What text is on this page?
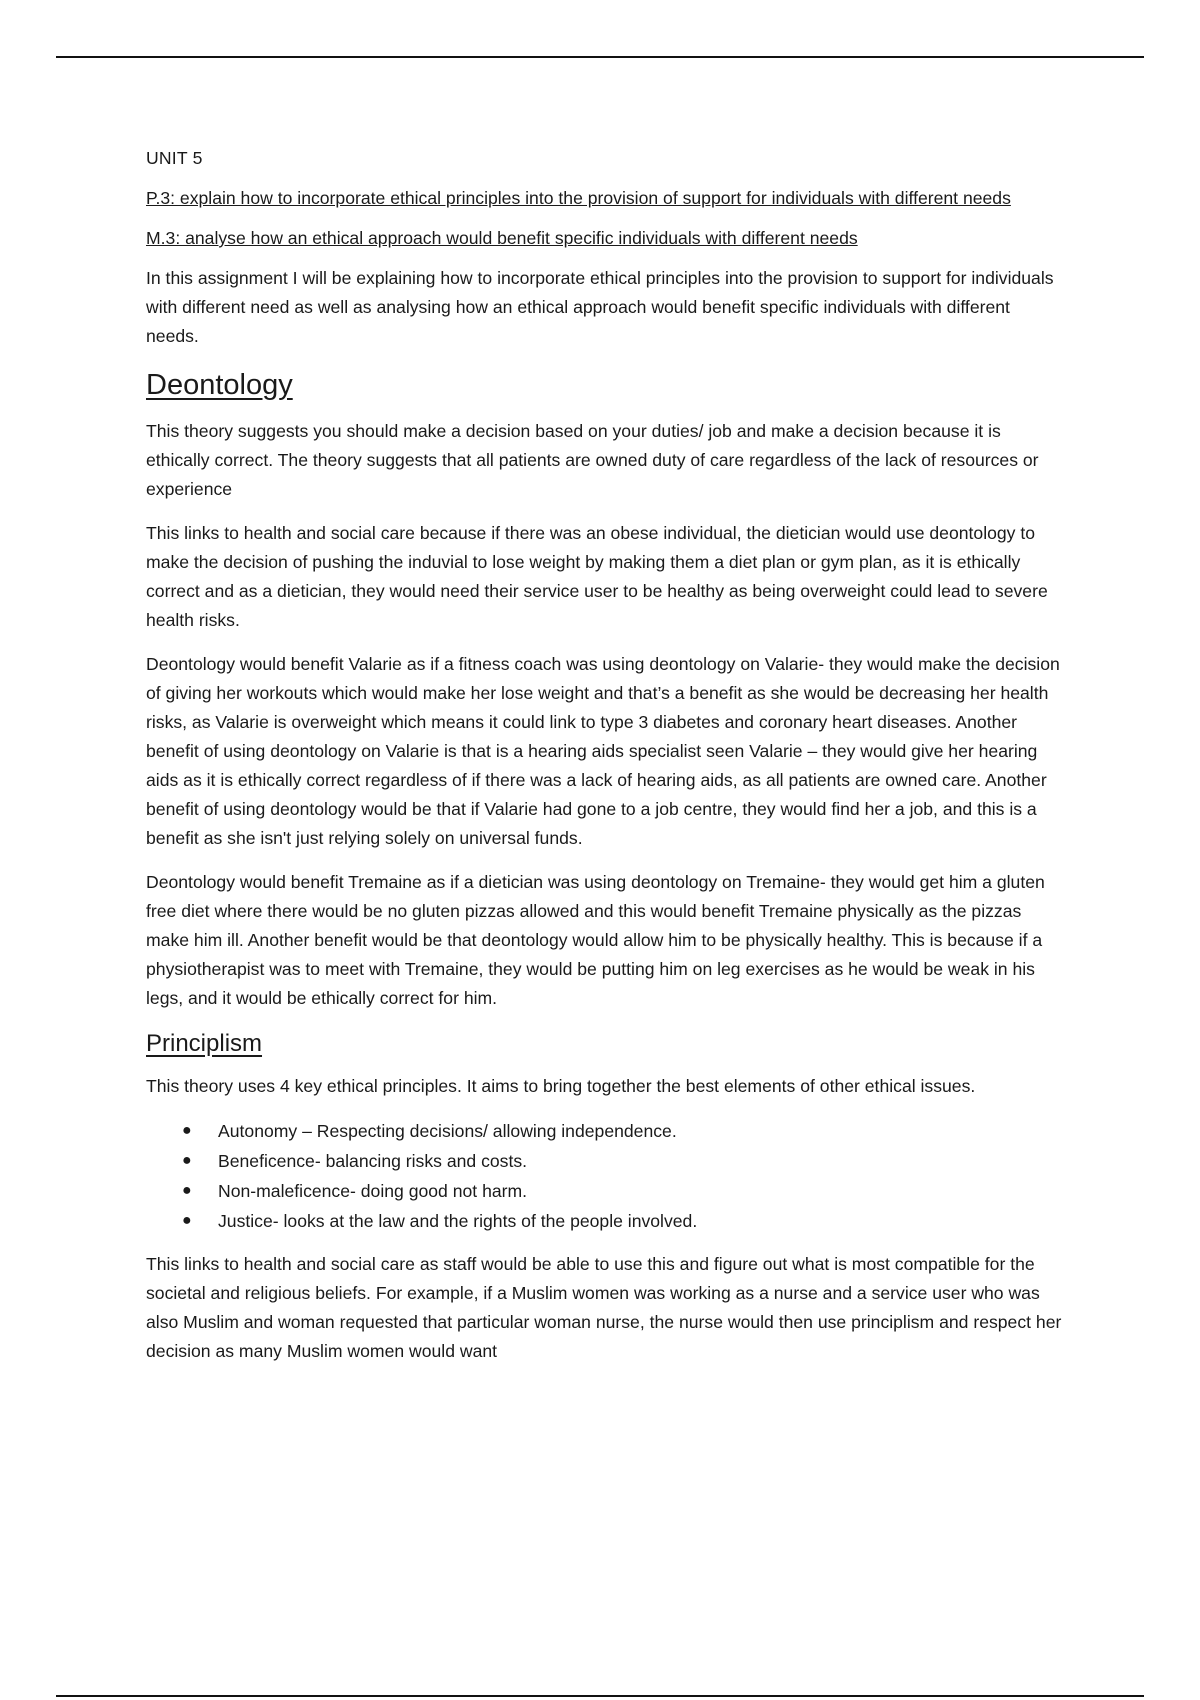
UNIT 5
P.3: explain how to incorporate ethical principles into the provision of support for individuals with different needs
M.3: analyse how an ethical approach would benefit specific individuals with different needs

In this assignment I will be explaining how to incorporate ethical principles into the provision to support for individuals with different need as well as analysing how an ethical approach would benefit specific individuals with different needs.

Deontology

This theory suggests you should make a decision based on your duties/ job and make a decision because it is ethically correct. The theory suggests that all patients are owned duty of care regardless of the lack of resources or experience

This links to health and social care because if there was an obese individual, the dietician would use deontology to make the decision of pushing the induvial to lose weight by making them a diet plan or gym plan, as it is ethically correct and as a dietician, they would need their service user to be healthy as being overweight could lead to severe health risks.

Deontology would benefit Valarie as if a fitness coach was using deontology on Valarie- they would make the decision of giving her workouts which would make her lose weight and that’s a benefit as she would be decreasing her health risks, as Valarie is overweight which means it could link to type 3 diabetes and coronary heart diseases. Another benefit of using deontology on Valarie is that is a hearing aids specialist seen Valarie – they would give her hearing aids as it is ethically correct regardless of if there was a lack of hearing aids, as all patients are owned care. Another benefit of using deontology would be that if Valarie had gone to a job centre, they would find her a job, and this is a benefit as she isn't just relying solely on universal funds.

Deontology would benefit Tremaine as if a dietician was using deontology on Tremaine- they would get him a gluten free diet where there would be no gluten pizzas allowed and this would benefit Tremaine physically as the pizzas make him ill. Another benefit would be that deontology would allow him to be physically healthy. This is because if a physiotherapist was to meet with Tremaine, they would be putting him on leg exercises as he would be weak in his legs, and it would be ethically correct for him.

Principlism

This theory uses 4 key ethical principles. It aims to bring together the best elements of other ethical issues.

● Autonomy – Respecting decisions/ allowing independence.
● Beneficence- balancing risks and costs.
● Non-maleficence- doing good not harm.
● Justice- looks at the law and the rights of the people involved.

This links to health and social care as staff would be able to use this and figure out what is most compatible for the societal and religious beliefs. For example, if a Muslim women was working as a nurse and a service user who was also Muslim and woman requested that particular woman nurse, the nurse would then use principlism and respect her decision as many Muslim women would want
